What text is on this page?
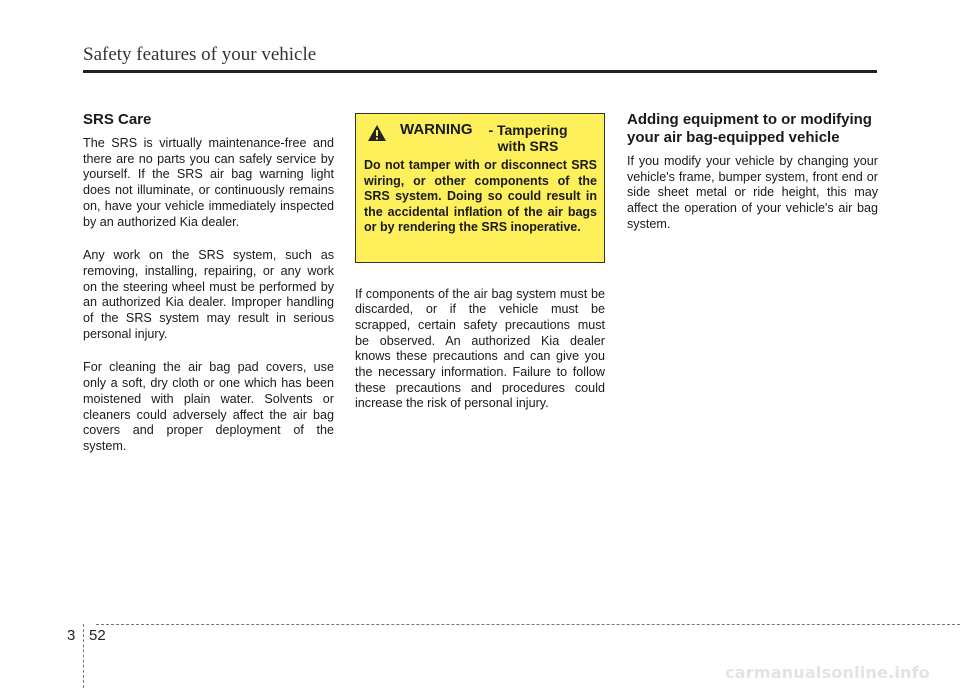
Safety features of your vehicle
SRS Care

The SRS is virtually maintenance-free and there are no parts you can safely service by yourself. If the SRS air bag warning light does not illuminate, or continuously remains on, have your vehicle immediately inspected by an authorized Kia dealer.

Any work on the SRS system, such as removing, installing, repairing, or any work on the steering wheel must be performed by an authorized Kia dealer. Improper handling of the SRS system may result in serious personal injury.

For cleaning the air bag pad covers, use only a soft, dry cloth or one which has been moistened with plain water. Solvents or cleaners could adversely affect the air bag covers and proper deployment of the system.

WARNING	- Tampering with SRS

Do not tamper with or disconnect SRS wiring, or other components of the SRS system. Doing so could result in the accidental inflation of the air bags or by rendering the SRS inoperative.

If components of the air bag system must be discarded, or if the vehicle must be scrapped, certain safety precautions must be observed. An authorized Kia dealer knows these precautions and can give you the necessary information. Failure to follow these precautions and procedures could increase the risk of personal injury.

Adding equipment to or modifying your air bag-equipped vehicle

If you modify your vehicle by changing your vehicle's frame, bumper system, front end or side sheet metal or ride height, this may affect the operation of your vehicle's air bag system.

3 52
carmanualsonline.info
